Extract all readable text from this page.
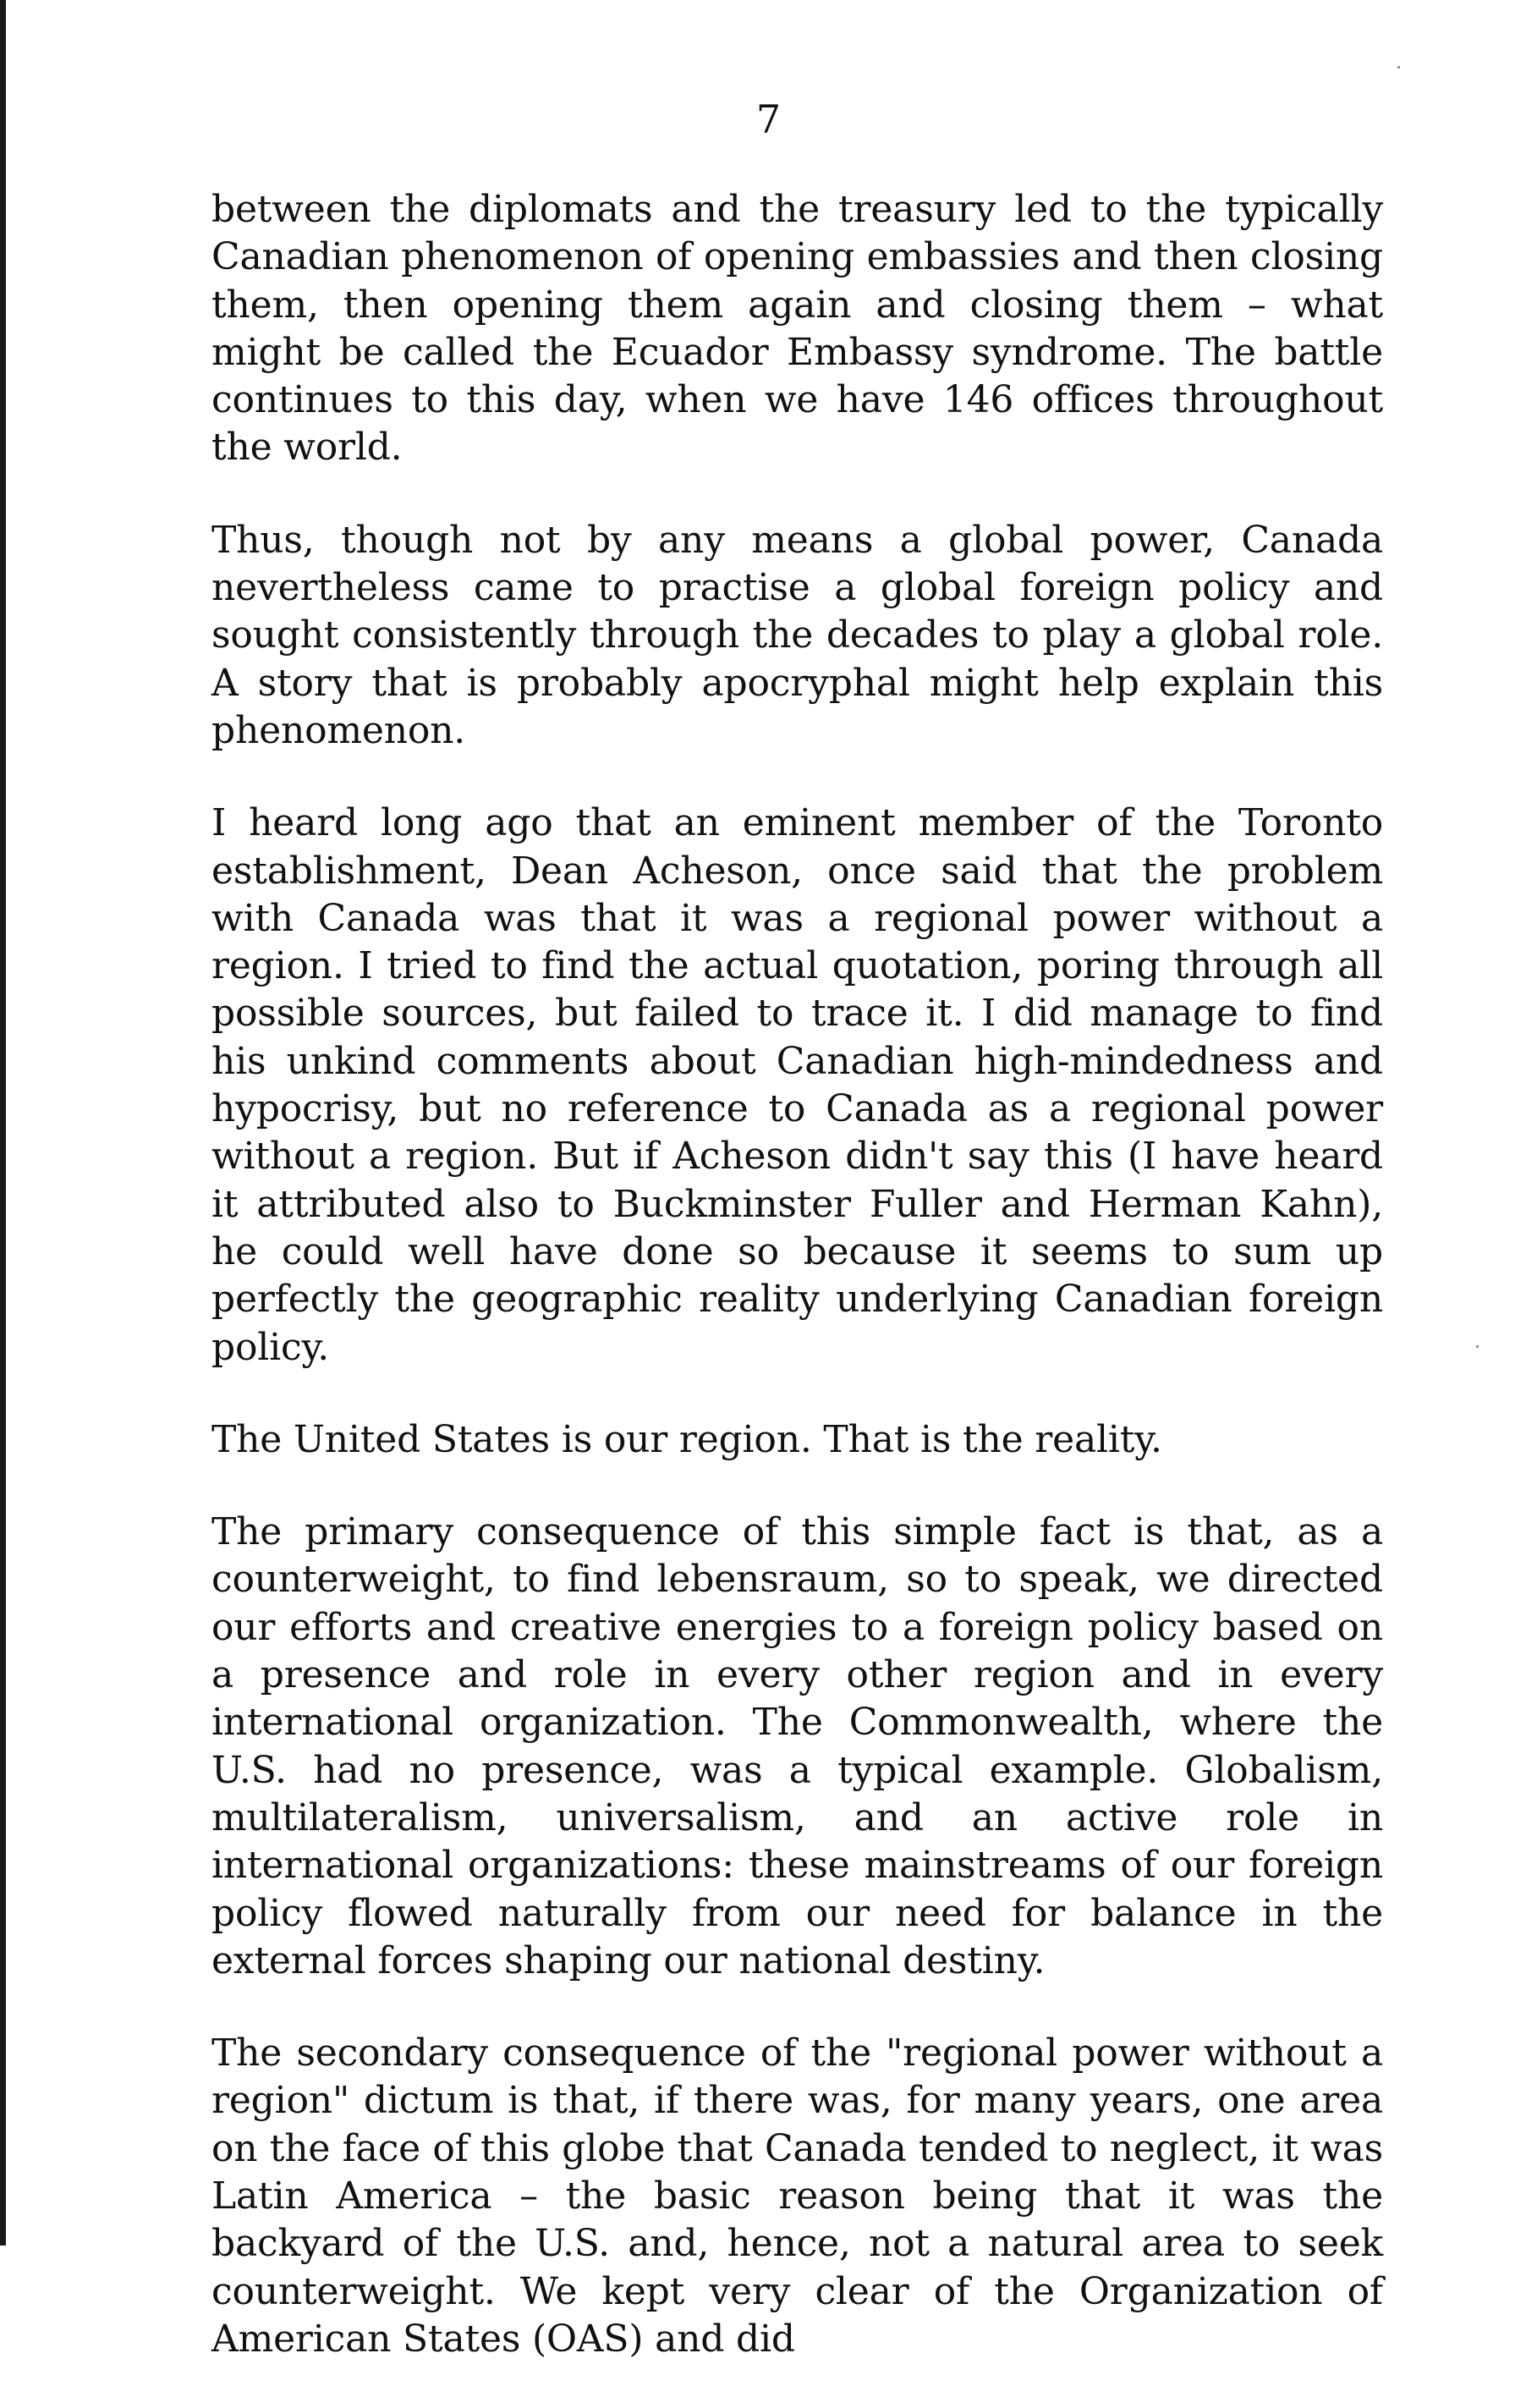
7

between the diplomats and the treasury led to the typically Canadian phenomenon of opening embassies and then closing them, then opening them again and closing them – what might be called the Ecuador Embassy syndrome. The battle continues to this day, when we have 146 offices throughout the world.

Thus, though not by any means a global power, Canada nevertheless came to practise a global foreign policy and sought consistently through the decades to play a global role. A story that is probably apocryphal might help explain this phenomenon.

I heard long ago that an eminent member of the Toronto establishment, Dean Acheson, once said that the problem with Canada was that it was a regional power without a region. I tried to find the actual quotation, poring through all possible sources, but failed to trace it. I did manage to find his unkind comments about Canadian high-mindedness and hypocrisy, but no reference to Canada as a regional power without a region. But if Acheson didn't say this (I have heard it attributed also to Buckminster Fuller and Herman Kahn), he could well have done so because it seems to sum up perfectly the geographic reality underlying Canadian foreign policy.

The United States is our region. That is the reality.

The primary consequence of this simple fact is that, as a counterweight, to find lebensraum, so to speak, we directed our efforts and creative energies to a foreign policy based on a presence and role in every other region and in every international organization. The Commonwealth, where the U.S. had no presence, was a typical example. Globalism, multilateralism, universalism, and an active role in international organizations: these mainstreams of our foreign policy flowed naturally from our need for balance in the external forces shaping our national destiny.

The secondary consequence of the "regional power without a region" dictum is that, if there was, for many years, one area on the face of this globe that Canada tended to neglect, it was Latin America – the basic reason being that it was the backyard of the U.S. and, hence, not a natural area to seek counterweight. We kept very clear of the Organization of American States (OAS) and did
